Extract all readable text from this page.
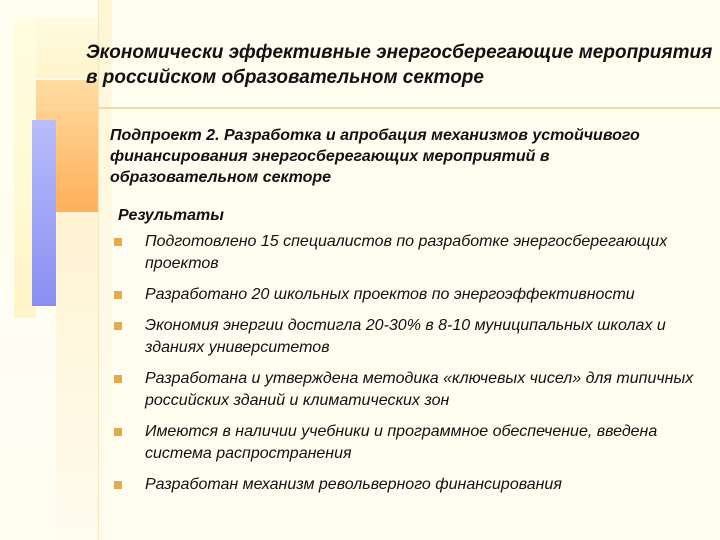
Экономически эффективные энергосберегающие мероприятия в российском образовательном секторе
Подпроект 2. Разработка и апробация механизмов устойчивого финансирования энергосберегающих мероприятий в образовательном секторе
Результаты
Подготовлено 15 специалистов по разработке энергосберегающих проектов
Разработано 20 школьных проектов по энергоэффективности
Экономия энергии достигла 20-30% в 8-10 муниципальных школах и зданиях университетов
Разработана и утверждена методика «ключевых чисел» для типичных российских зданий и климатических зон
Имеются в наличии учебники и программное обеспечение, введена система распространения
Разработан механизм револьверного финансирования
